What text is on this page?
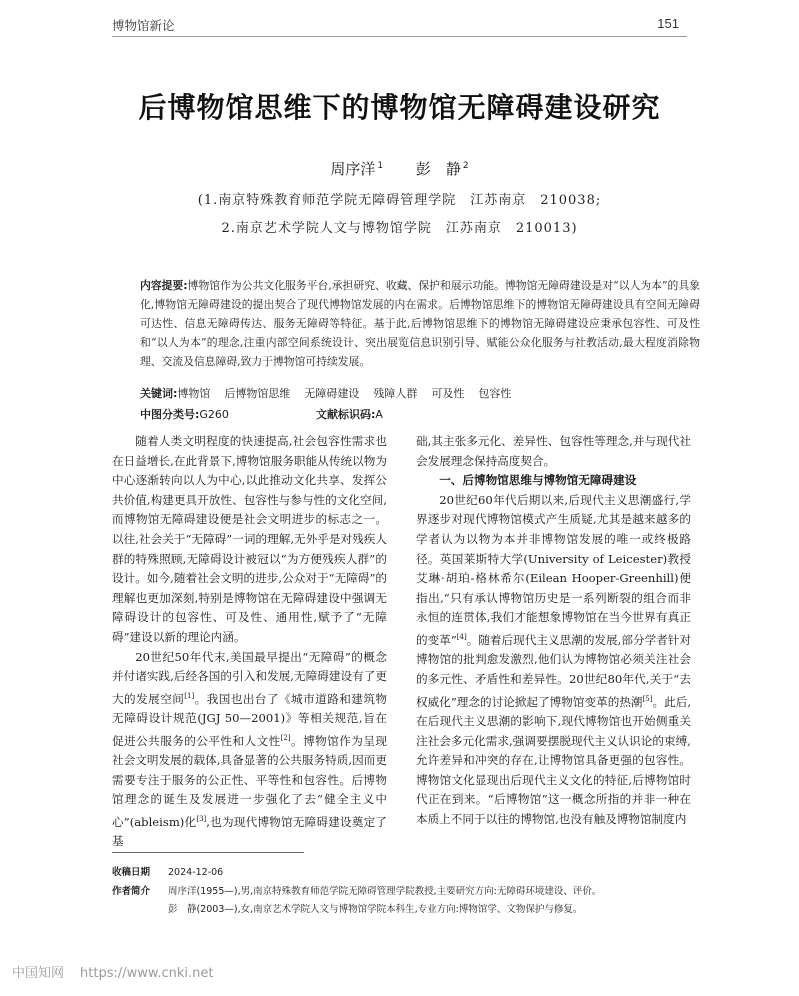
博物馆新论	151
后博物馆思维下的博物馆无障碍建设研究
周序洋 $^1$ 彭　静 $^2$
(1.南京特殊教育师范学院无障碍管理学院　江苏南京　210038;
2.南京艺术学院人文与博物馆学院　江苏南京　210013)
内容提要:博物馆作为公共文化服务平台,承担研究、收藏、保护和展示功能。博物馆无障碍建设是对“以人为本”的具象化,博物馆无障碍建设的提出契合了现代博物馆发展的内在需求。后博物馆思维下的博物馆无障碍建设具有空间无障碍可达性、信息无障碍传达、服务无障碍等特征。基于此,后博物馆思维下的博物馆无障碍建设应秉承包容性、可及性和“以人为本”的理念,注重内部空间系统设计、突出展览信息识别引导、赋能公众化服务与社教活动,最大程度消除物理、交流及信息障碍,致力于博物馆可持续发展。
关键词:博物馆 后博物馆思维 无障碍建设 残障人群 可及性 包容性
中图分类号:G260	文献标识码:A

随着人类文明程度的快速提高,社会包容性需求也在日益增长,在此背景下,博物馆服务职能从传统以物为中心逐渐转向以人为中心,以此推动文化共享、发挥公共价值,构建更具开放性、包容性与参与性的文化空间,而博物馆无障碍建设便是社会文明进步的标志之一。以往,社会关于“无障碍”一词的理解,无外乎是对残疾人群的特殊照顾,无障碍设计被冠以“为方便残疾人群”的设计。如今,随着社会文明的进步,公众对于“无障碍”的理解也更加深刻,特别是博物馆在无障碍建设中强调无障碍设计的包容性、可及性、通用性,赋予了“无障碍”建设以新的理论内涵。

20世纪50年代末,美国最早提出“无障碍”的概念并付诸实践,后经各国的引入和发展,无障碍建设有了更大的发展空间[1]。我国也出台了《城市道路和建筑物无障碍设计规范(JGJ 50—2001)》等相关规范,旨在促进公共服务的公平性和人文性[2]。博物馆作为呈现社会文明发展的载体,具备显著的公共服务特质,因而更需要专注于服务的公正性、平等性和包容性。后博物馆理念的诞生及发展进一步强化了去“健全主义中心”(ableism)化[3],也为现代博物馆无障碍建设奠定了基

础,其主张多元化、差异性、包容性等理念,并与现代社会发展理念保持高度契合。

一、后博物馆思维与博物馆无障碍建设

20世纪60年代后期以来,后现代主义思潮盛行,学界逐步对现代博物馆模式产生质疑,尤其是越来越多的学者认为以物为本并非博物馆发展的唯一或终极路径。英国莱斯特大学(University of Leicester)教授艾琳·胡珀-格林希尔(Eilean Hooper-Greenhill)便指出,“只有承认博物馆历史是一系列断裂的组合而非永恒的连贯体,我们才能想象博物馆在当今世界有真正的变革”[4]。随着后现代主义思潮的发展,部分学者针对博物馆的批判愈发激烈,他们认为博物馆必须关注社会的多元性、矛盾性和差异性。20世纪80年代,关于“去权威化”理念的讨论掀起了博物馆变革的热潮[5]。此后,在后现代主义思潮的影响下,现代博物馆也开始侧重关注社会多元化需求,强调要摆脱现代主义认识论的束缚,允许差异和冲突的存在,让博物馆具备更强的包容性。博物馆文化显现出后现代主义文化的特征,后博物馆时代正在到来。“后博物馆”这一概念所指的并非一种在本质上不同于以往的博物馆,也没有触及博物馆制度内

收稿日期 2024-12-06
作者简介 周序洋(1955—),男,南京特殊教育师范学院无障碍管理学院教授,主要研究方向:无障碍环境建设、评价。
彭　静(2003—),女,南京艺术学院人文与博物馆学院本科生,专业方向:博物馆学、文物保护与修复。
中国知网 https://www.cnki.net
